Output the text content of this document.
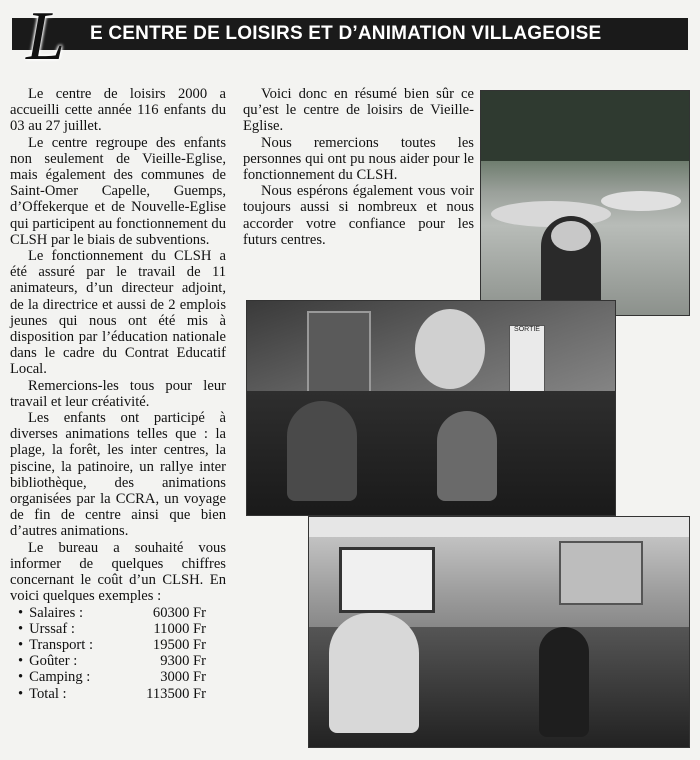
L E CENTRE DE LOISIRS ET D’ANIMATION VILLAGEOISE

Le centre de loisirs 2000 a accueilli cette année 116 enfants du 03 au 27 juillet.

Le centre regroupe des enfants non seulement de Vieille-Eglise, mais également des communes de Saint-Omer Capelle, Guemps, d’Offekerque et de Nouvelle-Eglise qui participent au fonctionnement du CLSH par le biais de subventions.

Le fonctionnement du CLSH a été assuré par le travail de 11 animateurs, d’un directeur adjoint, de la directrice et aussi de 2 emplois jeunes qui nous ont été mis à disposition par l’éducation nationale dans le cadre du Contrat Educatif Local.

Remercions-les tous pour leur travail et leur créativité.

Les enfants ont participé à diverses animations telles que : la plage, la forêt, les inter centres, la piscine, la patinoire, un rallye inter bibliothèque, des animations organisées par la CCRA, un voyage de fin de centre ainsi que bien d’autres animations.

Le bureau a souhaité vous informer de quelques chiffres concernant le coût d’un CLSH. En voici quelques exemples :

• Salaires :	60300 Fr
• Urssaf :	11000 Fr
• Transport :	19500 Fr
• Goûter :	9300 Fr
• Camping :	3000 Fr
• Total :	113500 Fr

Voici donc en résumé bien sûr ce qu’est le centre de loisirs de Vieille-Eglise.

Nous remercions toutes les personnes qui ont pu nous aider pour le fonctionnement du CLSH.

Nous espérons également vous voir toujours aussi si nombreux et nous accorder votre confiance pour les futurs centres.

SORTIE
